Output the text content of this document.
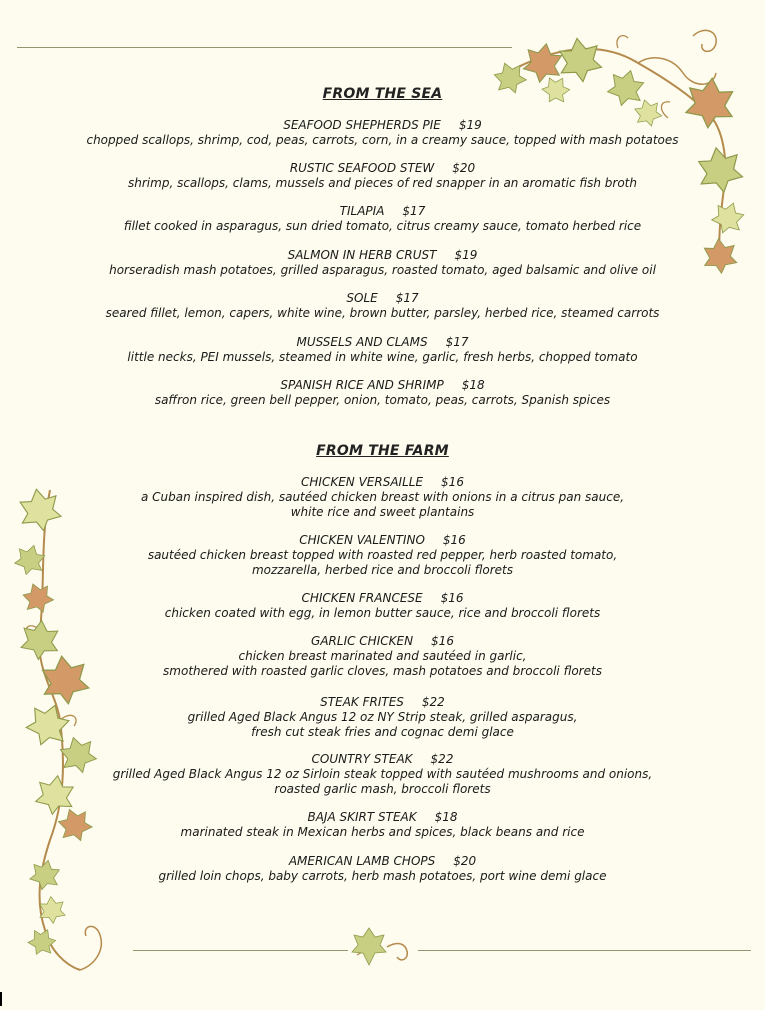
FROM THE SEA
SEAFOOD SHEPHERDS PIE $19
chopped scallops, shrimp, cod, peas, carrots, corn, in a creamy sauce, topped with mash potatoes
RUSTIC SEAFOOD STEW $20
shrimp, scallops, clams, mussels and pieces of red snapper in an aromatic fish broth
TILAPIA $17
fillet cooked in asparagus, sun dried tomato, citrus creamy sauce, tomato herbed rice
SALMON IN HERB CRUST $19
horseradish mash potatoes, grilled asparagus, roasted tomato, aged balsamic and olive oil
SOLE $17
seared fillet, lemon, capers, white wine, brown butter, parsley, herbed rice, steamed carrots
MUSSELS AND CLAMS $17
little necks, PEI mussels, steamed in white wine, garlic, fresh herbs, chopped tomato
SPANISH RICE AND SHRIMP $18
saffron rice, green bell pepper, onion, tomato, peas, carrots, Spanish spices
FROM THE FARM
CHICKEN VERSAILLE $16
a Cuban inspired dish, sautéed chicken breast with onions in a citrus pan sauce,
white rice and sweet plantains
CHICKEN VALENTINO $16
sautéed chicken breast topped with roasted red pepper, herb roasted tomato,
mozzarella, herbed rice and broccoli florets
CHICKEN FRANCESE $16
chicken coated with egg, in lemon butter sauce, rice and broccoli florets
GARLIC CHICKEN $16
chicken breast marinated and sautéed in garlic,
smothered with roasted garlic cloves, mash potatoes and broccoli florets
STEAK FRITES $22
grilled Aged Black Angus 12 oz NY Strip steak, grilled asparagus,
fresh cut steak fries and cognac demi glace
COUNTRY STEAK $22
grilled Aged Black Angus 12 oz Sirloin steak topped with sautéed mushrooms and onions,
roasted garlic mash, broccoli florets
BAJA SKIRT STEAK $18
marinated steak in Mexican herbs and spices, black beans and rice
AMERICAN LAMB CHOPS $20
grilled loin chops, baby carrots, herb mash potatoes, port wine demi glace
